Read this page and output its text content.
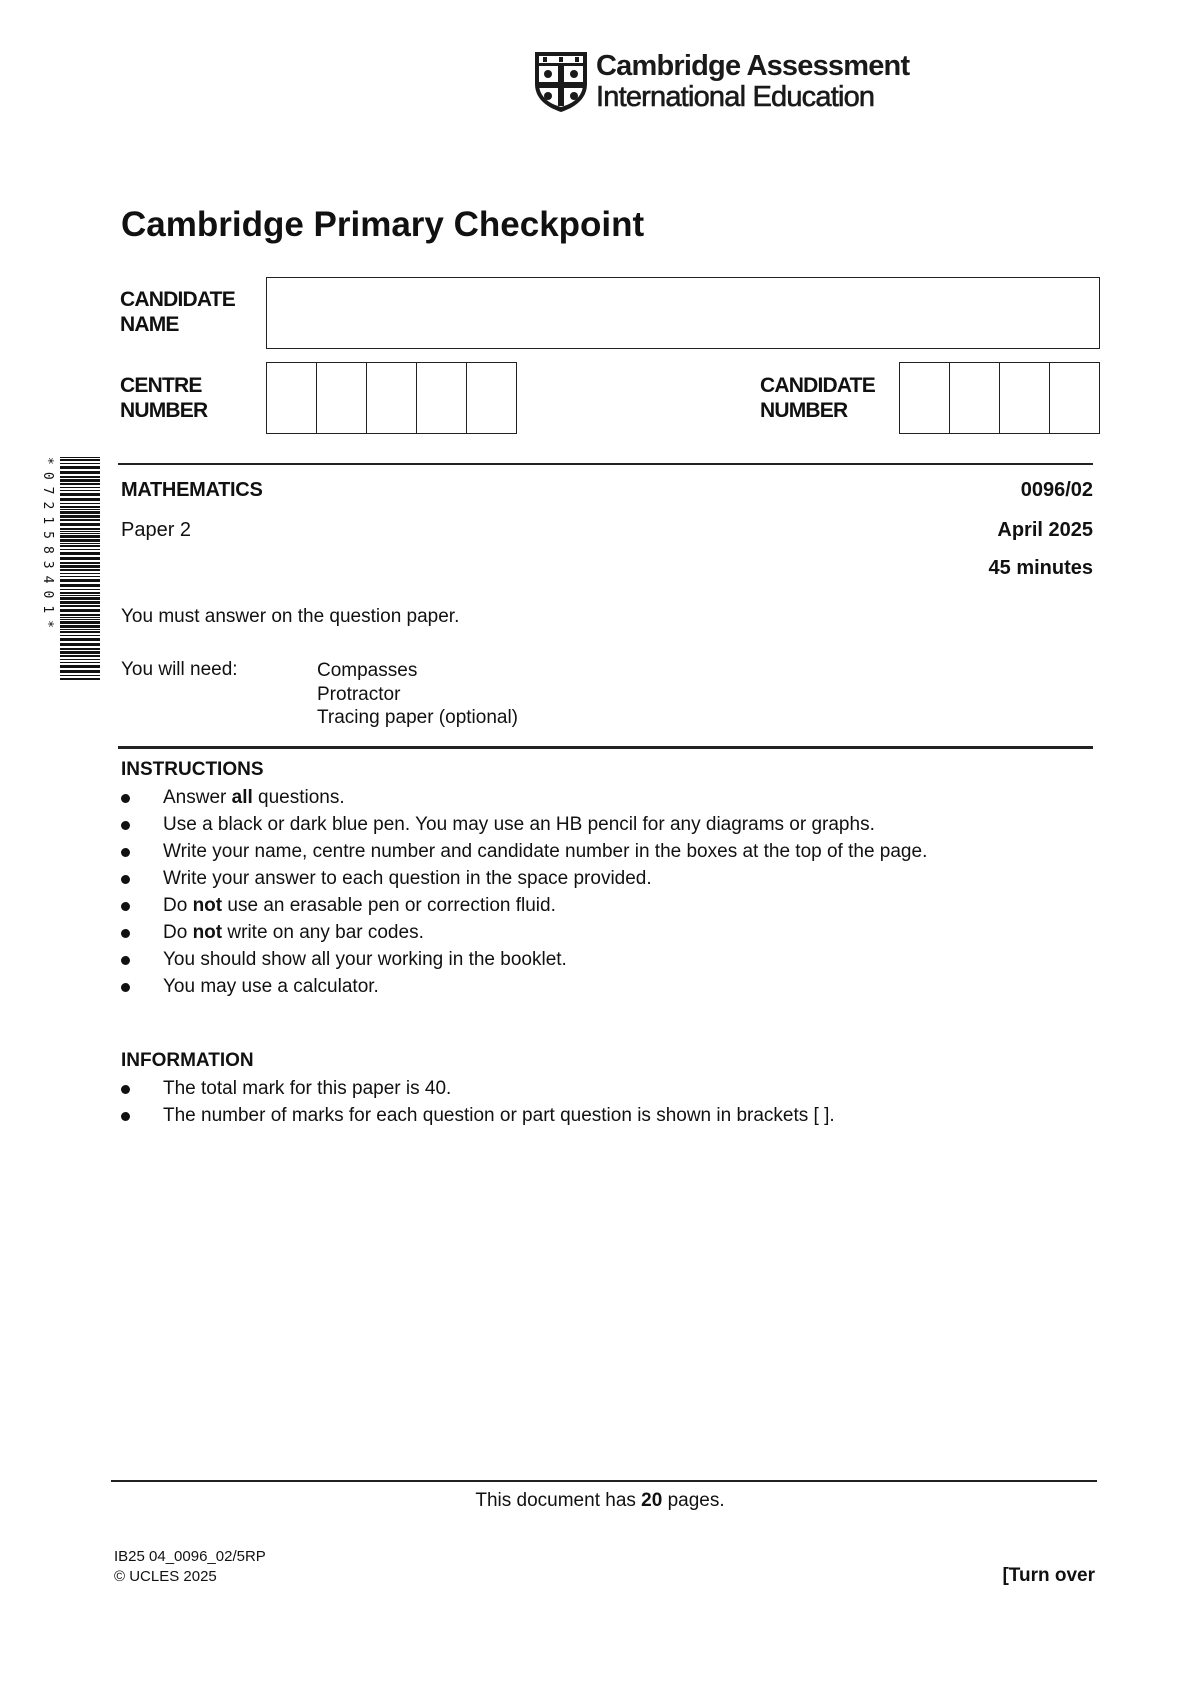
Cambridge Assessment
International Education
Cambridge Primary Checkpoint
CANDIDATE
NAME
CENTRE
NUMBER
CANDIDATE
NUMBER
*0721583401*	MATHEMATICS	0096/02
Paper 2	April 2025
45 minutes
You must answer on the question paper.
You will need:	Compasses
Protractor
Tracing paper (optional)
INSTRUCTIONS
Answer all questions.
Use a black or dark blue pen. You may use an HB pencil for any diagrams or graphs.
Write your name, centre number and candidate number in the boxes at the top of the page.
Write your answer to each question in the space provided.
Do not use an erasable pen or correction fluid.
Do not write on any bar codes.
You should show all your working in the booklet.
You may use a calculator.
INFORMATION
The total mark for this paper is 40.
The number of marks for each question or part question is shown in brackets [ ].
This document has 20 pages.
IB25 04_0096_02/5RP
© UCLES 2025	[Turn over
